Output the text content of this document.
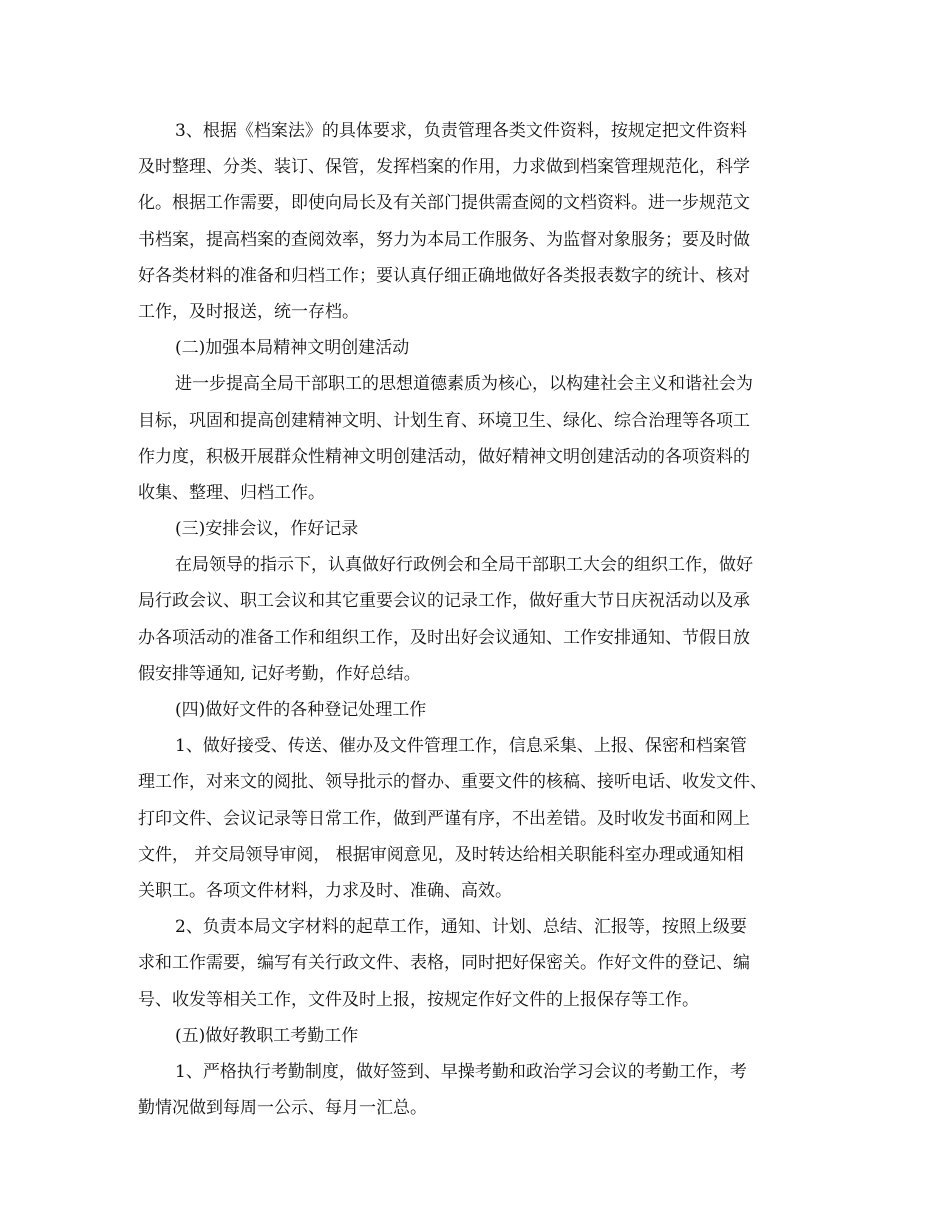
3、根据《档案法》的具体要求，负责管理各类文件资料，按规定把文件资料
及时整理、分类、装订、保管，发挥档案的作用，力求做到档案管理规范化，科学
化。根据工作需要，即使向局长及有关部门提供需查阅的文档资料。进一步规范文
书档案，提高档案的查阅效率，努力为本局工作服务、为监督对象服务；要及时做
好各类材料的准备和归档工作；要认真仔细正确地做好各类报表数字的统计、核对
工作，及时报送，统一存档。
(二)加强本局精神文明创建活动
进一步提高全局干部职工的思想道德素质为核心，以构建社会主义和谐社会为
目标，巩固和提高创建精神文明、计划生育、环境卫生、绿化、综合治理等各项工
作力度，积极开展群众性精神文明创建活动，做好精神文明创建活动的各项资料的
收集、整理、归档工作。
(三)安排会议，作好记录
在局领导的指示下，认真做好行政例会和全局干部职工大会的组织工作，做好
局行政会议、职工会议和其它重要会议的记录工作，做好重大节日庆祝活动以及承
办各项活动的准备工作和组织工作，及时出好会议通知、工作安排通知、节假日放
假安排等通知, 记好考勤，作好总结。
(四)做好文件的各种登记处理工作
1、做好接受、传送、催办及文件管理工作，信息采集、上报、保密和档案管
理工作，对来文的阅批、领导批示的督办、重要文件的核稿、接听电话、收发文件、
打印文件、会议记录等日常工作，做到严谨有序，不出差错。及时收发书面和网上
文件， 并交局领导审阅， 根据审阅意见，及时转达给相关职能科室办理或通知相
关职工。各项文件材料，力求及时、准确、高效。
2、负责本局文字材料的起草工作，通知、计划、总结、汇报等，按照上级要
求和工作需要，编写有关行政文件、表格，同时把好保密关。作好文件的登记、编
号、收发等相关工作，文件及时上报，按规定作好文件的上报保存等工作。
(五)做好教职工考勤工作
1、严格执行考勤制度，做好签到、早操考勤和政治学习会议的考勤工作，考
勤情况做到每周一公示、每月一汇总。
